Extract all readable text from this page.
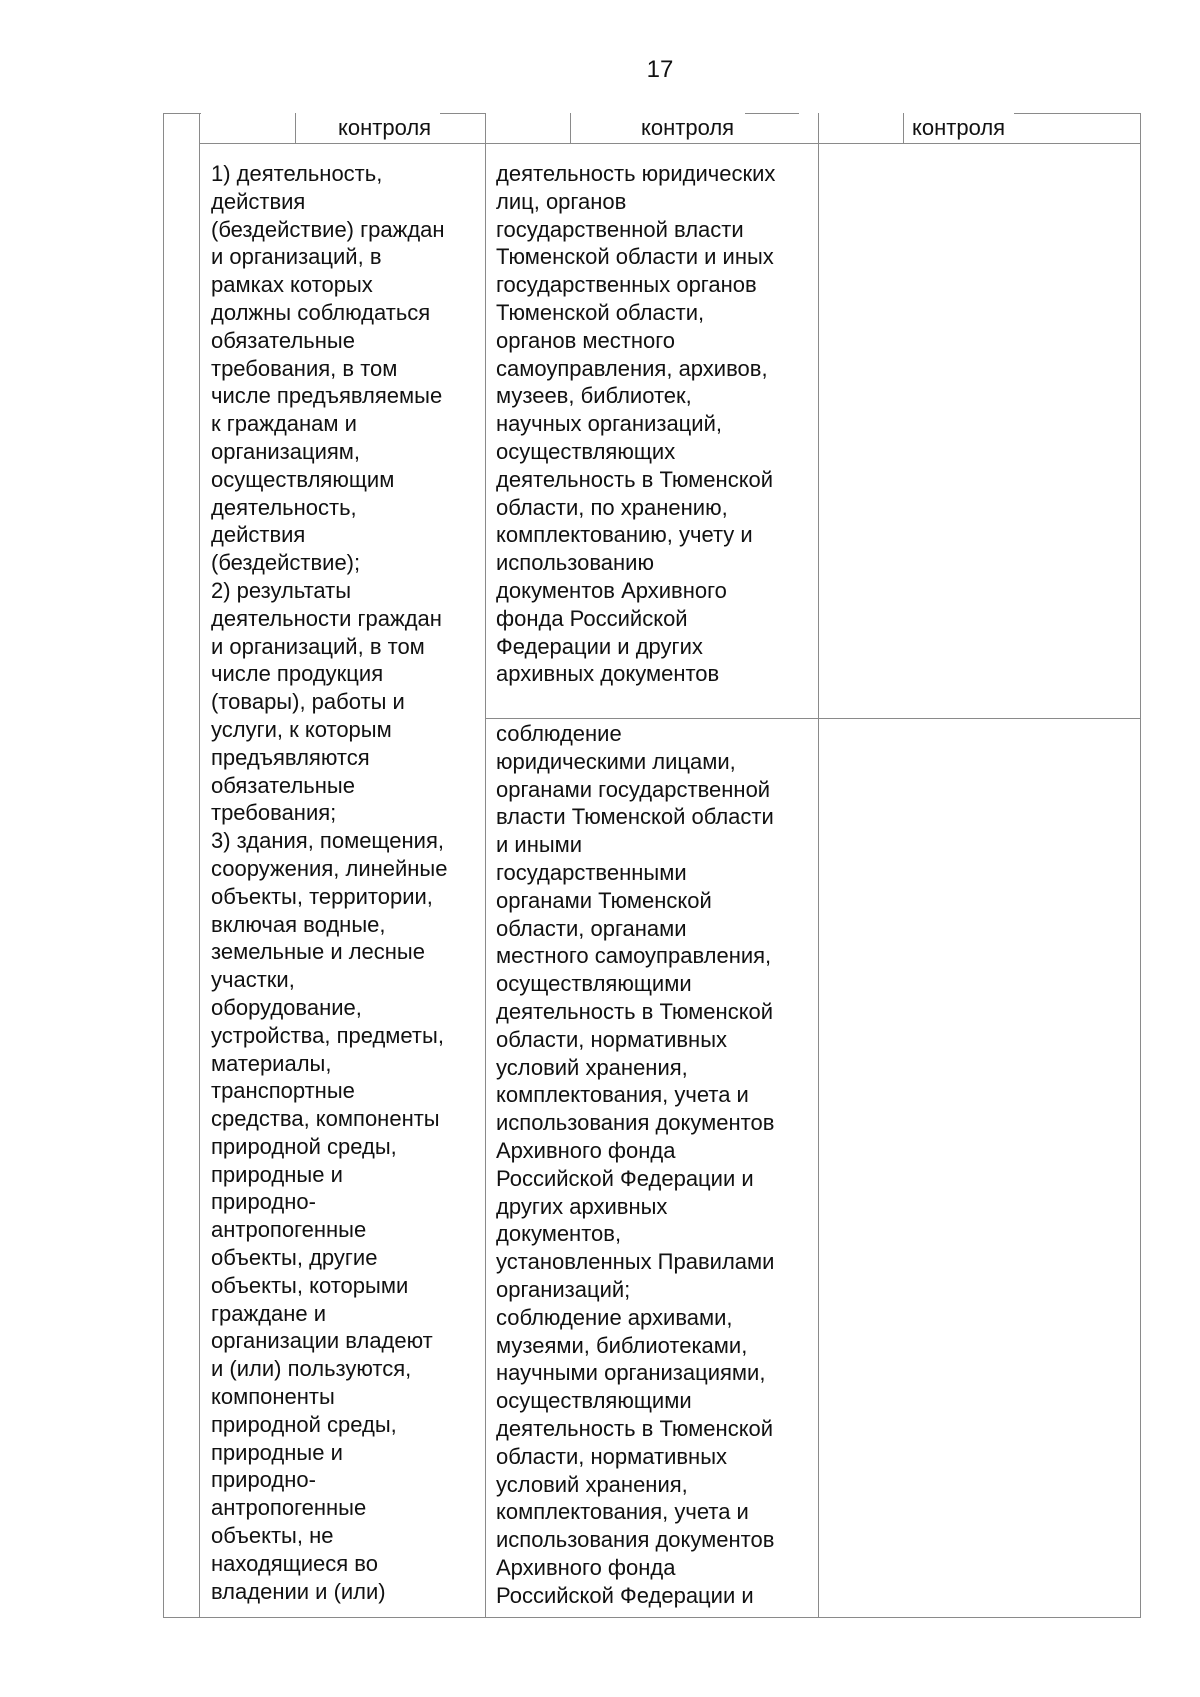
17
контроля	контроля	контроля

1) деятельность,
действия
(бездействие) граждан
и организаций, в
рамках которых
должны соблюдаться
обязательные
требования, в том
числе предъявляемые
к гражданам и
организациям,
осуществляющим
деятельность,
действия
(бездействие);
2) результаты
деятельности граждан
и организаций, в том
числе продукция
(товары), работы и
услуги, к которым
предъявляются
обязательные
требования;
3) здания, помещения,
сооружения, линейные
объекты, территории,
включая водные,
земельные и лесные
участки,
оборудование,
устройства, предметы,
материалы,
транспортные
средства, компоненты
природной среды,
природные и
природно-
антропогенные
объекты, другие
объекты, которыми
граждане и
организации владеют
и (или) пользуются,
компоненты
природной среды,
природные и
природно-
антропогенные
объекты, не
находящиеся во
владении и (или)

деятельность юридических
лиц, органов
государственной власти
Тюменской области и иных
государственных органов
Тюменской области,
органов местного
самоуправления, архивов,
музеев, библиотек,
научных организаций,
осуществляющих
деятельность в Тюменской
области, по хранению,
комплектованию, учету и
использованию
документов Архивного
фонда Российской
Федерации и других
архивных документов

соблюдение
юридическими лицами,
органами государственной
власти Тюменской области
и иными
государственными
органами Тюменской
области, органами
местного самоуправления,
осуществляющими
деятельность в Тюменской
области, нормативных
условий хранения,
комплектования, учета и
использования документов
Архивного фонда
Российской Федерации и
других архивных
документов,
установленных Правилами
организаций;
соблюдение архивами,
музеями, библиотеками,
научными организациями,
осуществляющими
деятельность в Тюменской
области, нормативных
условий хранения,
комплектования, учета и
использования документов
Архивного фонда
Российской Федерации и
